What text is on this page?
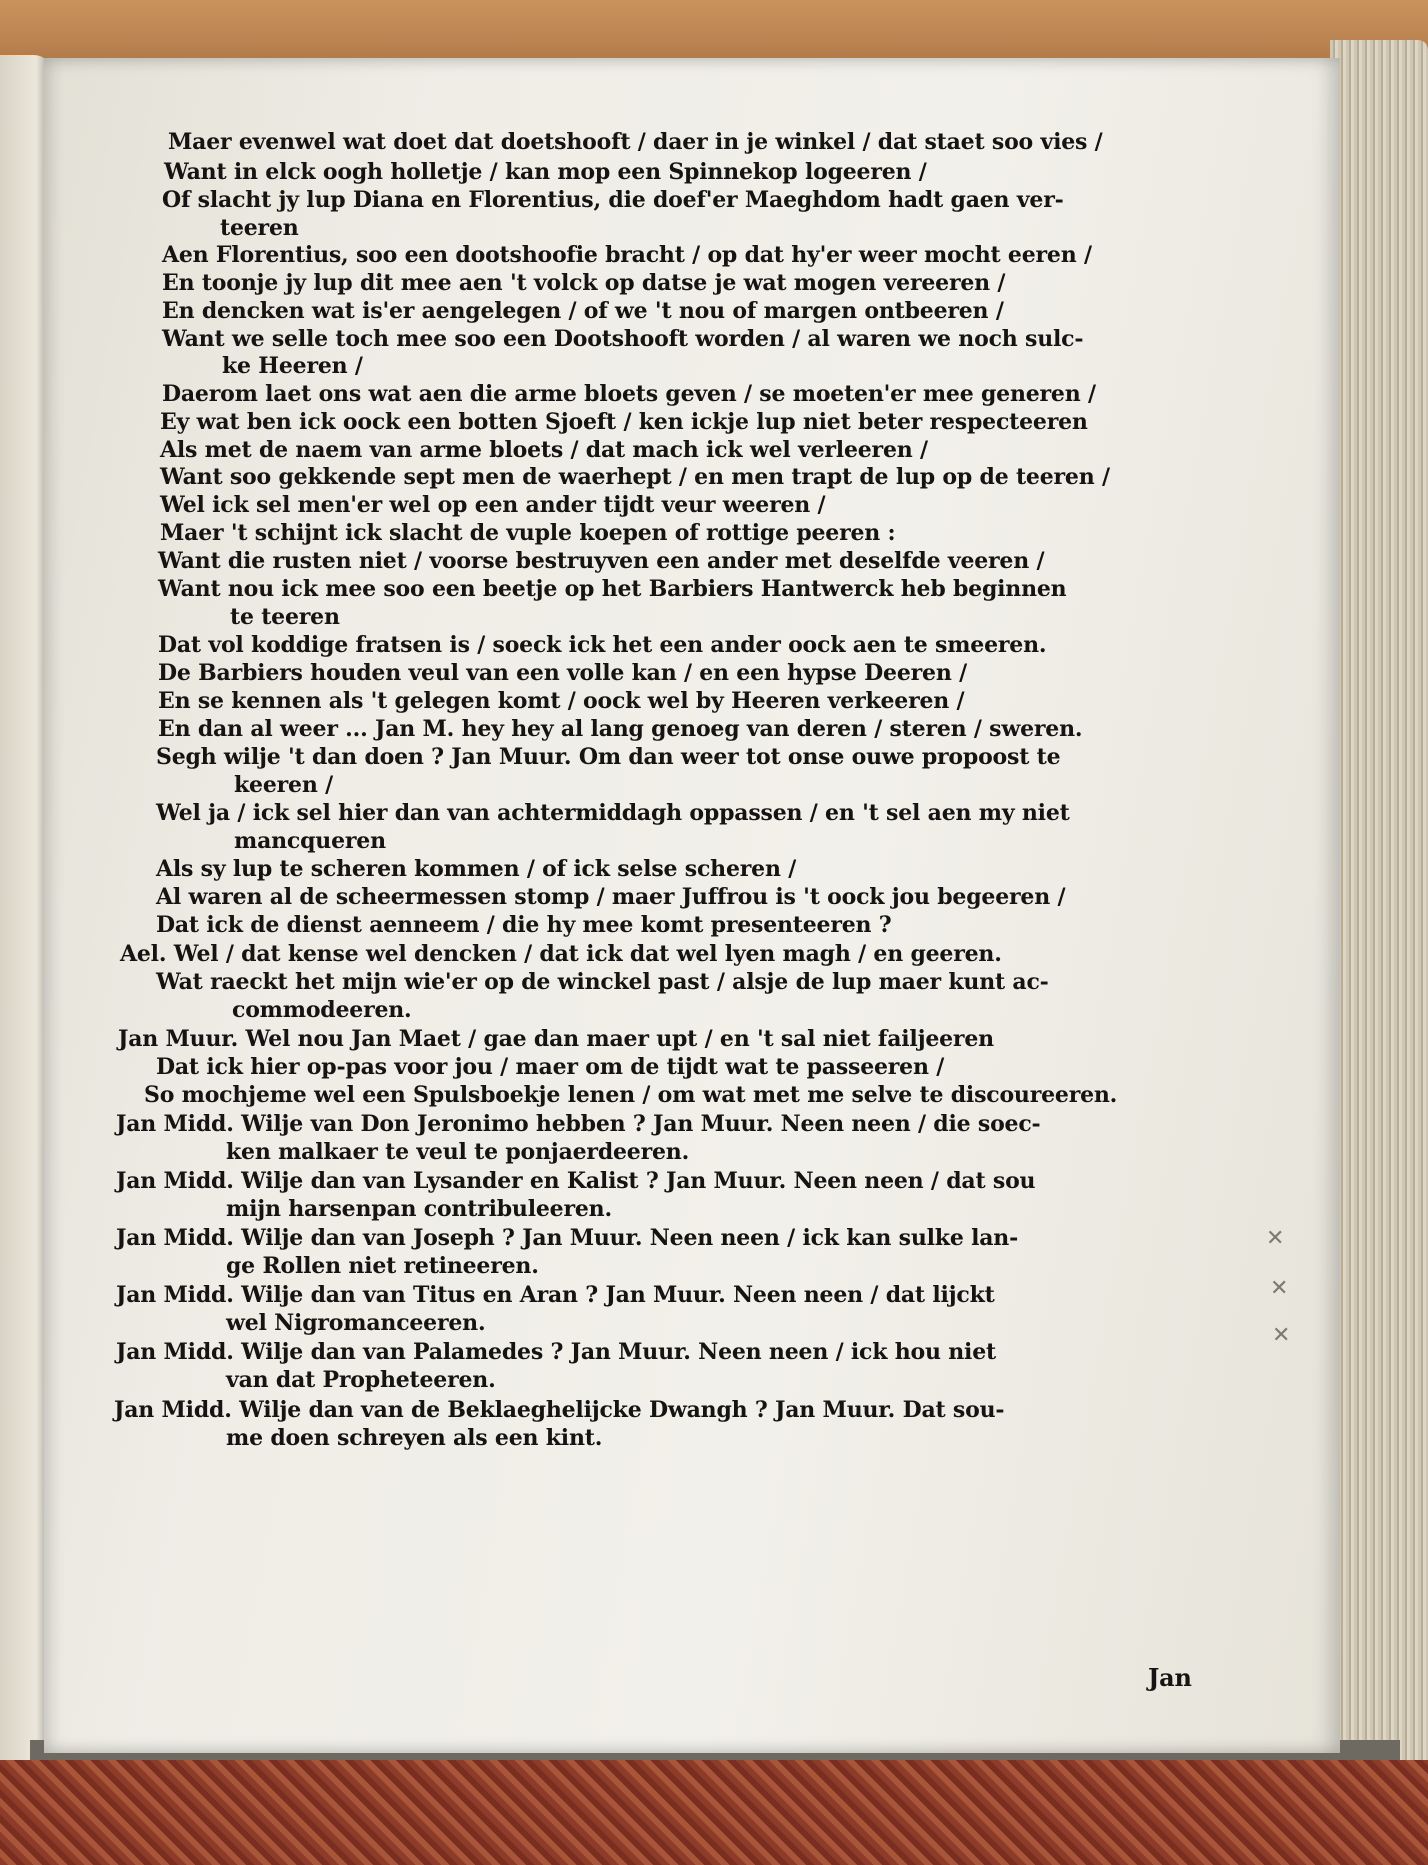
Maer evenwel wat doet dat doetshooft / daer in je winkel / dat staet soo vies /
Want in elck oogh holletje / kan mop een Spinnekop logeeren /
Of slacht jy lup Diana en Florentius, die doef'er Maeghdom hadt gaen ver-
teeren
Aen Florentius, soo een dootshoofie bracht / op dat hy'er weer mocht eeren /
En toonje jy lup dit mee aen 't volck op datse je wat mogen vereeren /
En dencken wat is'er aengelegen / of we 't nou of margen ontbeeren /
Want we selle toch mee soo een Dootshooft worden / al waren we noch sulc-
ke Heeren /
Daerom laet ons wat aen die arme bloets geven / se moeten'er mee generen /
Ey wat ben ick oock een botten Sjoeft / ken ickje lup niet beter respecteeren
Als met de naem van arme bloets / dat mach ick wel verleeren /
Want soo gekkende sept men de waerhept / en men trapt de lup op de teeren /
Wel ick sel men'er wel op een ander tijdt veur weeren /
Maer 't schijnt ick slacht de vuple koepen of rottige peeren :
Want die rusten niet / voorse bestruyven een ander met deselfde veeren /
Want nou ick mee soo een beetje op het Barbiers Hantwerck heb beginnen
te teeren
Dat vol koddige fratsen is / soeck ick het een ander oock aen te smeeren.
De Barbiers houden veul van een volle kan / en een hypse Deeren /
En se kennen als 't gelegen komt / oock wel by Heeren verkeeren /
En dan al weer ... Jan M. hey hey al lang genoeg van deren / steren / sweren.
Segh wilje 't dan doen ? Jan Muur. Om dan weer tot onse ouwe propoost te
keeren /
Wel ja / ick sel hier dan van achtermiddagh oppassen / en 't sel aen my niet
mancqueren
Als sy lup te scheren kommen / of ick selse scheren /
Al waren al de scheermessen stomp / maer Juffrou is 't oock jou begeeren /
Dat ick de dienst aenneem / die hy mee komt presenteeren ?
Ael. Wel / dat kense wel dencken / dat ick dat wel lyen magh / en geeren.
Wat raeckt het mijn wie'er op de winckel past / alsje de lup maer kunt ac-
commodeeren.
Jan Muur. Wel nou Jan Maet / gae dan maer upt / en 't sal niet failjeeren
Dat ick hier op-pas voor jou / maer om de tijdt wat te passeeren /
So mochjeme wel een Spulsboekje lenen / om wat met me selve te discoureeren.
Jan Midd. Wilje van Don Jeronimo hebben ? Jan Muur. Neen neen / die soec-
ken malkaer te veul te ponjaerdeeren.
Jan Midd. Wilje dan van Lysander en Kalist ? Jan Muur. Neen neen / dat sou
mijn harsenpan contribuleeren.
Jan Midd. Wilje dan van Joseph ? Jan Muur. Neen neen / ick kan sulke lan-
ge Rollen niet retineeren.
Jan Midd. Wilje dan van Titus en Aran ? Jan Muur. Neen neen / dat lijckt
wel Nigromanceeren.
Jan Midd. Wilje dan van Palamedes ? Jan Muur. Neen neen / ick hou niet
van dat Propheteeren.
Jan Midd. Wilje dan van de Beklaeghelijcke Dwangh ? Jan Muur. Dat sou-
me doen schreyen als een kint.
Jan
✕
✕
✕
